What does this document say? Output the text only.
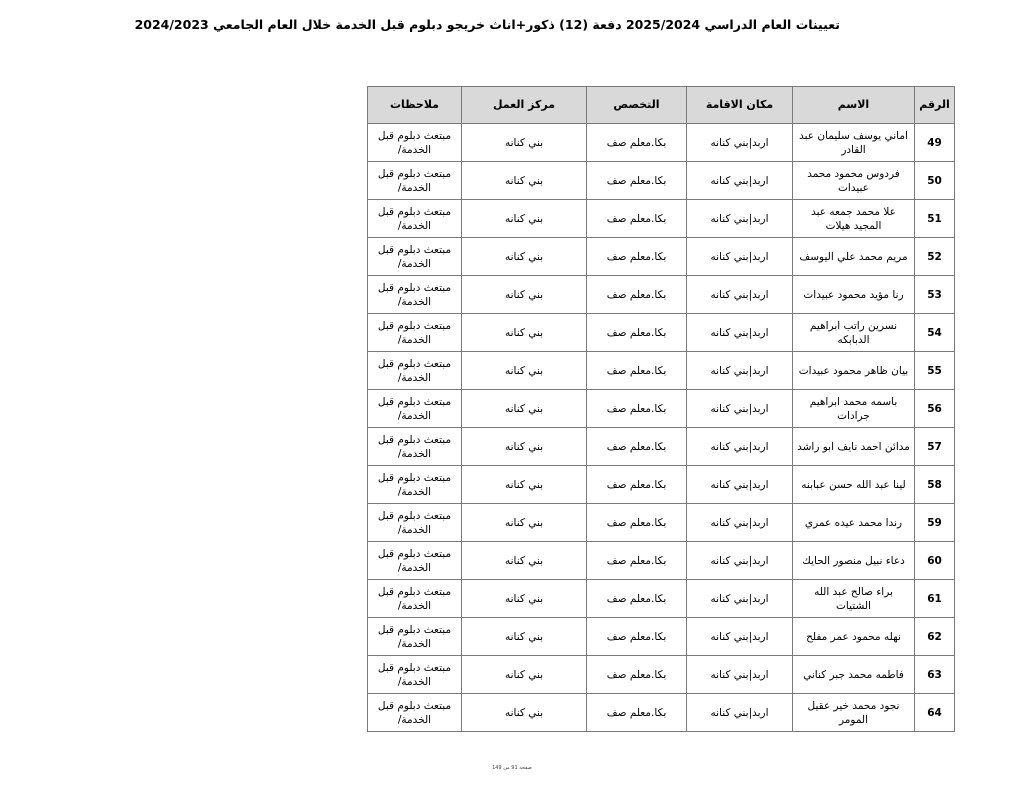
تعيينات العام الدراسي 2025/2024 دفعة (12) ذكور+اناث خريجو دبلوم قبل الخدمة خلال العام الجامعي 2024/2023
الرقم	الاسم	مكان الاقامة	التخصص	مركز العمل	ملاحظات
49	اماني يوسف سليمان عبد القادر	اربد|بني كنانه	بكا.معلم صف	بني كنانه	مبتعث دبلوم قبل الخدمة/
50	فردوس محمود محمد عبيدات	اربد|بني كنانه	بكا.معلم صف	بني كنانه	مبتعث دبلوم قبل الخدمة/
51	علا محمد جمعه عبد المجيد هيلات	اربد|بني كنانه	بكا.معلم صف	بني كنانه	مبتعث دبلوم قبل الخدمة/
52	مريم محمد علي اليوسف	اربد|بني كنانه	بكا.معلم صف	بني كنانه	مبتعث دبلوم قبل الخدمة/
53	رنا مؤيد محمود عبيدات	اربد|بني كنانه	بكا.معلم صف	بني كنانه	مبتعث دبلوم قبل الخدمة/
54	نسرين راتب ابراهيم الدبابكه	اربد|بني كنانه	بكا.معلم صف	بني كنانه	مبتعث دبلوم قبل الخدمة/
55	بيان ظاهر محمود عبيدات	اربد|بني كنانه	بكا.معلم صف	بني كنانه	مبتعث دبلوم قبل الخدمة/
56	باسمه محمد ابراهيم جرادات	اربد|بني كنانه	بكا.معلم صف	بني كنانه	مبتعث دبلوم قبل الخدمة/
57	مدائن احمد نايف ابو راشد	اربد|بني كنانه	بكا.معلم صف	بني كنانه	مبتعث دبلوم قبل الخدمة/
58	لينا عبد الله حسن عبابنه	اربد|بني كنانه	بكا.معلم صف	بني كنانه	مبتعث دبلوم قبل الخدمة/
59	رندا محمد عيده عمري	اربد|بني كنانه	بكا.معلم صف	بني كنانه	مبتعث دبلوم قبل الخدمة/
60	دعاء نبيل منصور الحايك	اربد|بني كنانه	بكا.معلم صف	بني كنانه	مبتعث دبلوم قبل الخدمة/
61	براء صالح عبد الله الشتيات	اربد|بني كنانه	بكا.معلم صف	بني كنانه	مبتعث دبلوم قبل الخدمة/
62	نهله محمود عمر مفلح	اربد|بني كنانه	بكا.معلم صف	بني كنانه	مبتعث دبلوم قبل الخدمة/
63	فاطمه محمد جبر كناني	اربد|بني كنانه	بكا.معلم صف	بني كنانه	مبتعث دبلوم قبل الخدمة/
64	نجود محمد خير عقيل المومر	اربد|بني كنانه	بكا.معلم صف	بني كنانه	مبتعث دبلوم قبل الخدمة/
صفحة 91 من 149
